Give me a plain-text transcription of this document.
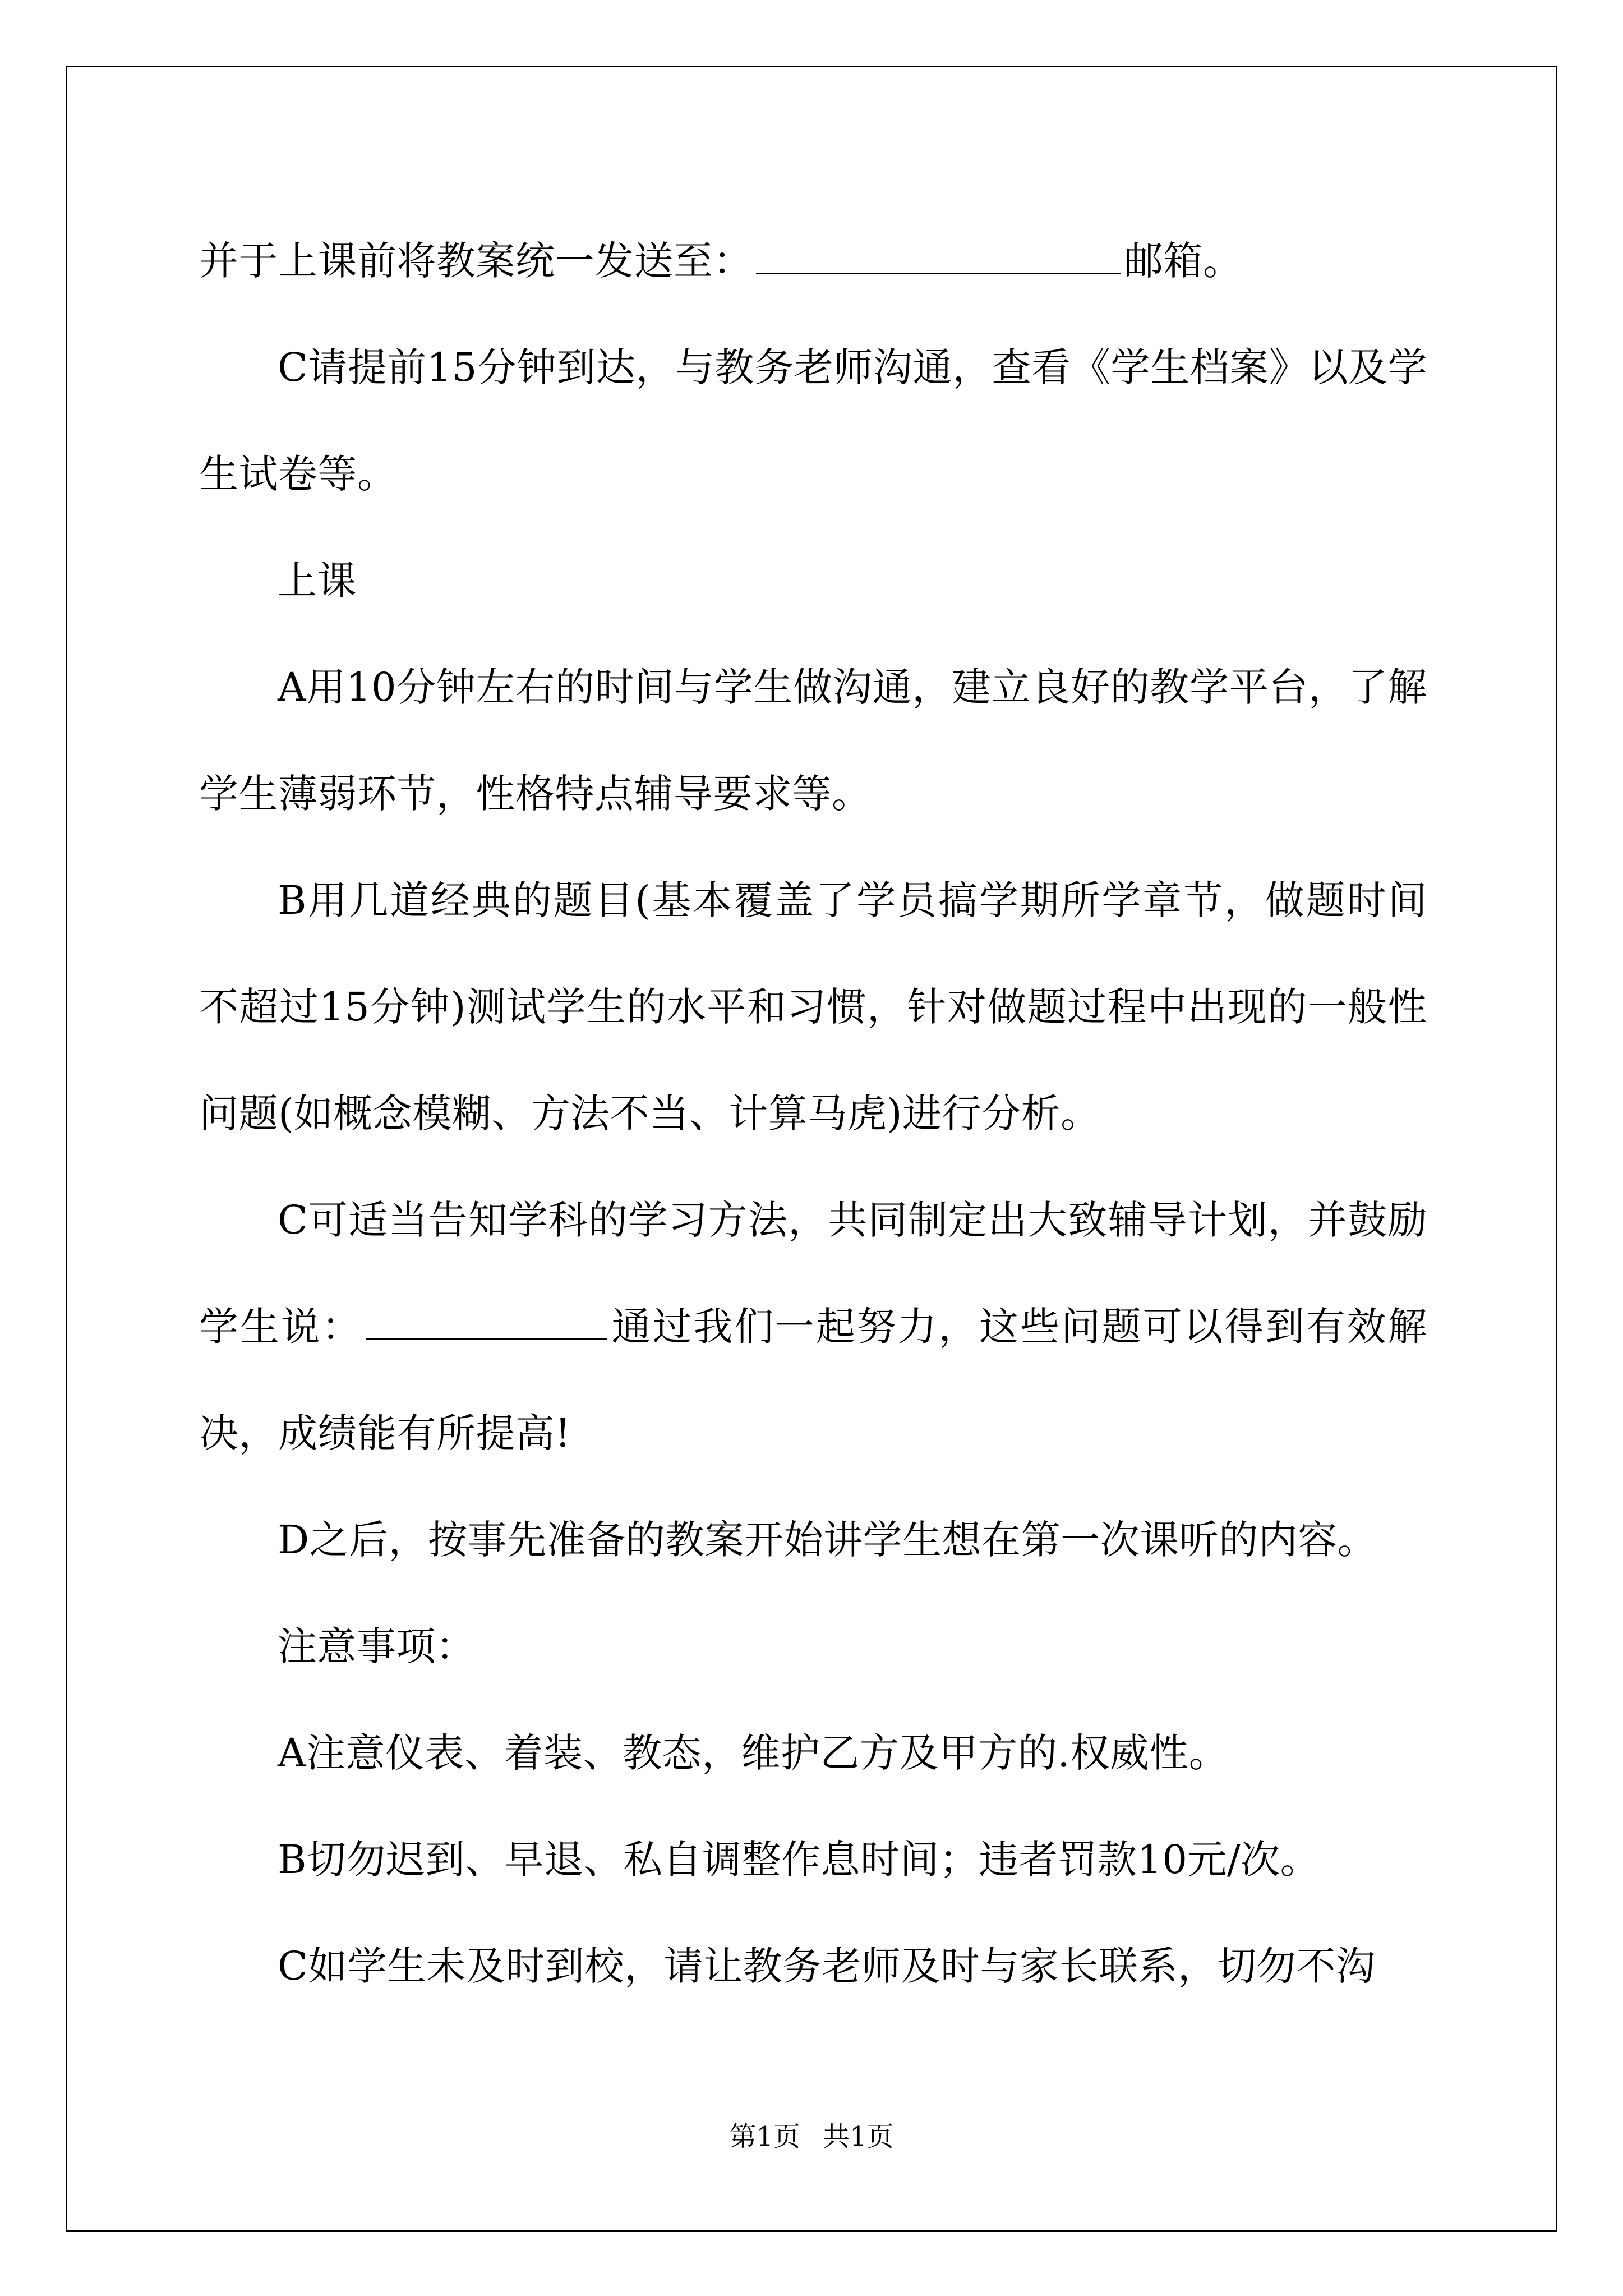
并于上课前将教案统一发送至：	邮箱。

C请提前15分钟到达，与教务老师沟通，查看《学生档案》以及学生试卷等。

上课

A用10分钟左右的时间与学生做沟通，建立良好的教学平台，了解学生薄弱环节，性格特点辅导要求等。

B用几道经典的题目(基本覆盖了学员搞学期所学章节，做题时间不超过15分钟)测试学生的水平和习惯，针对做题过程中出现的一般性问题(如概念模糊、方法不当、计算马虎)进行分析。

C可适当告知学科的学习方法，共同制定出大致辅导计划，并鼓励学生说：	通过我们一起努力，这些问题可以得到有效解决，成绩能有所提高!

D之后，按事先准备的教案开始讲学生想在第一次课听的内容。

注意事项：

A注意仪表、着装、教态，维护乙方及甲方的.权威性。

B切勿迟到、早退、私自调整作息时间；违者罚款10元/次。

C如学生未及时到校，请让教务老师及时与家长联系，切勿不沟

第1页 共1页
